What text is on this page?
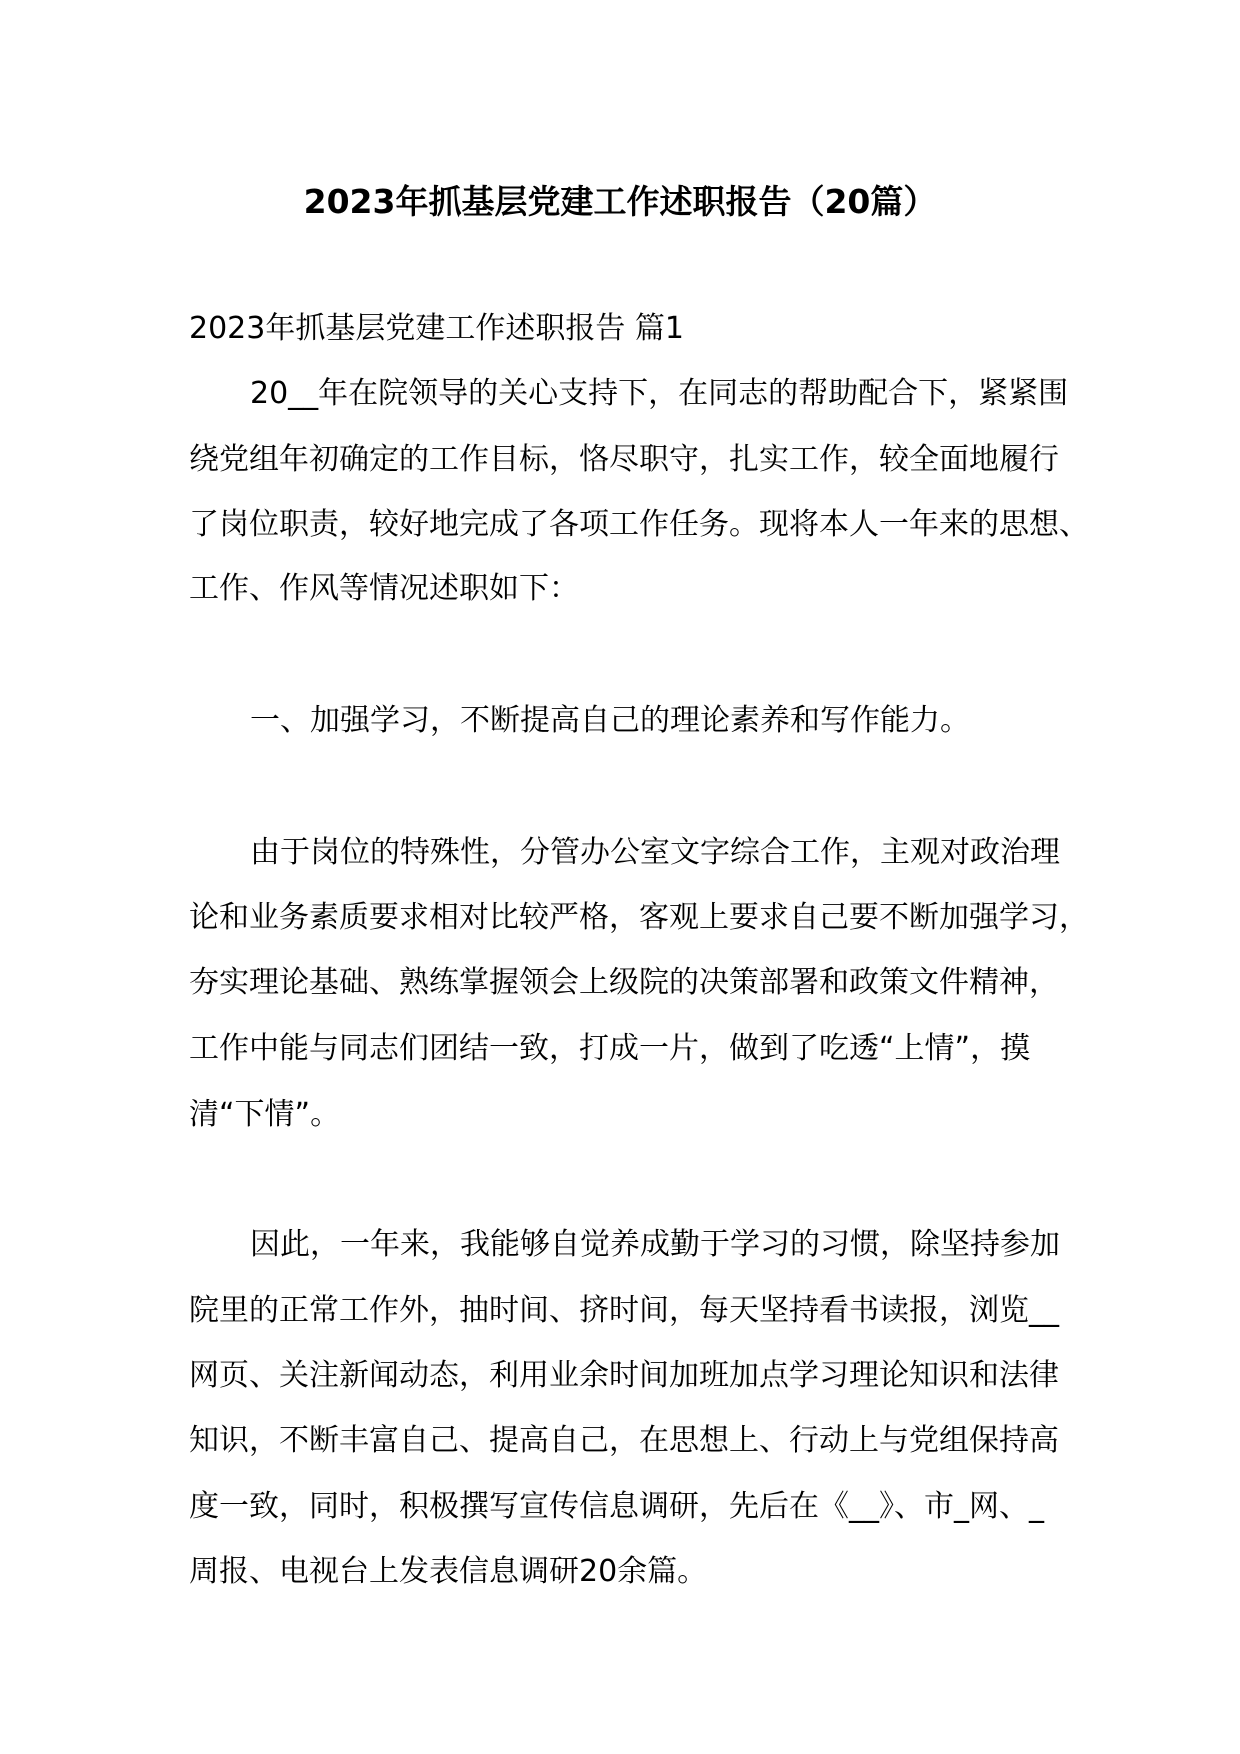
2023年抓基层党建工作述职报告（20篇）
2023年抓基层党建工作述职报告 篇1
20__年在院领导的关心支持下，在同志的帮助配合下，紧紧围
绕党组年初确定的工作目标，恪尽职守，扎实工作，较全面地履行
了岗位职责，较好地完成了各项工作任务。现将本人一年来的思想、
工作、作风等情况述职如下：
一、加强学习，不断提高自己的理论素养和写作能力。
由于岗位的特殊性，分管办公室文字综合工作，主观对政治理
论和业务素质要求相对比较严格，客观上要求自己要不断加强学习，
夯实理论基础、熟练掌握领会上级院的决策部署和政策文件精神，
工作中能与同志们团结一致，打成一片，做到了吃透“上情”，摸
清“下情”。
因此，一年来，我能够自觉养成勤于学习的习惯，除坚持参加
院里的正常工作外，抽时间、挤时间，每天坚持看书读报，浏览__
网页、关注新闻动态，利用业余时间加班加点学习理论知识和法律
知识，不断丰富自己、提高自己，在思想上、行动上与党组保持高
度一致，同时，积极撰写宣传信息调研，先后在《__》、市_网、_
周报、电视台上发表信息调研20余篇。
